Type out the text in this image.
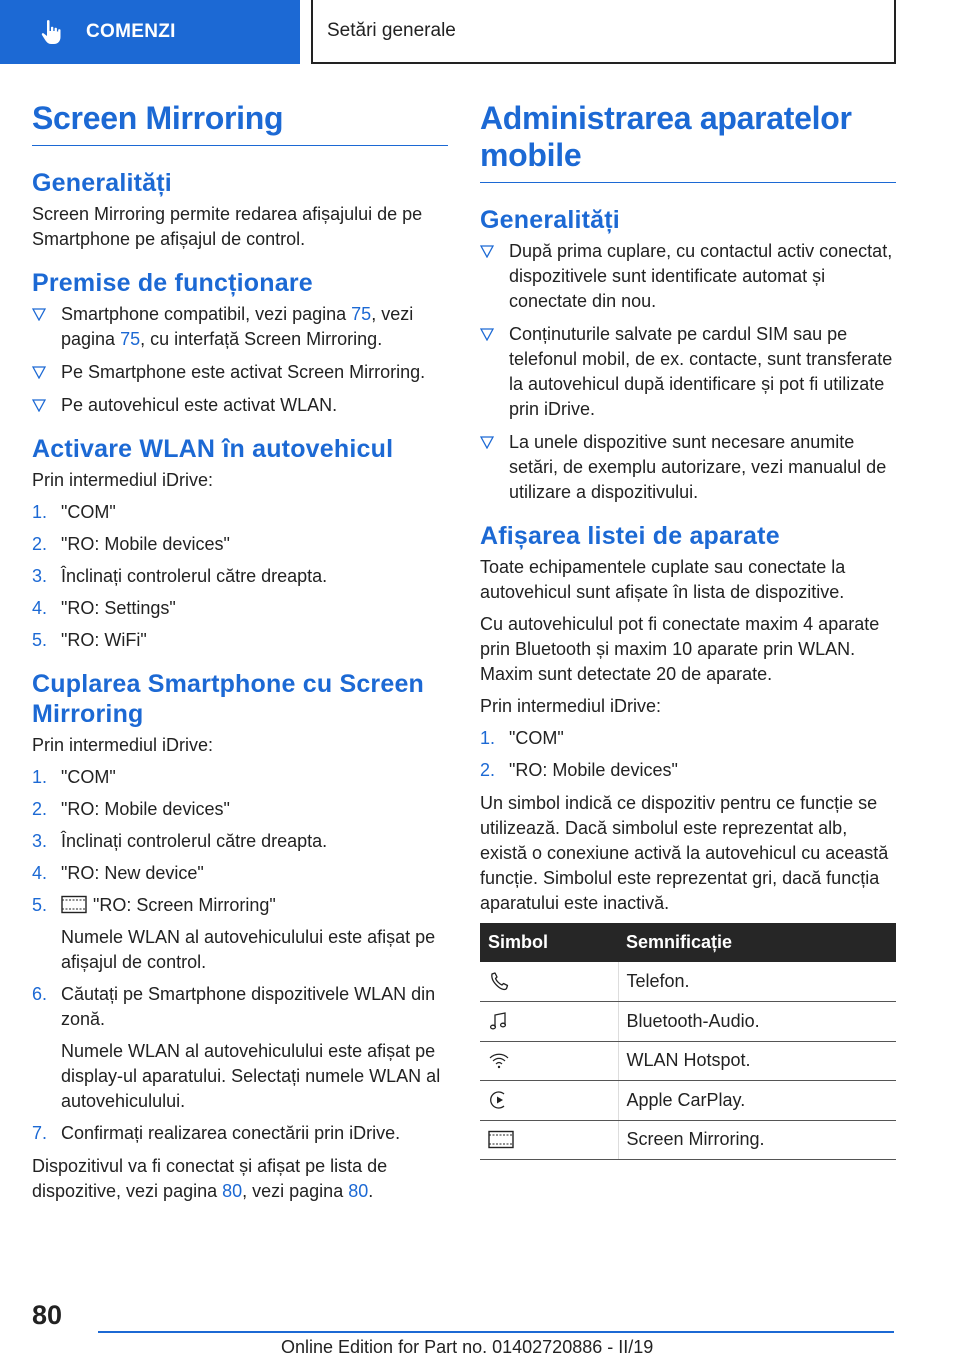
COMENZI	Setări generale
Screen Mirroring
Generalități

Screen Mirroring permite redarea afișajului de pe Smartphone pe afișajul de control.

Premise de funcționare
Smartphone compatibil, vezi pagina 75, vezi pagina 75, cu interfață Screen Mirroring.
Pe Smartphone este activat Screen Mirroring.
Pe autovehicul este activat WLAN.
Activare WLAN în autovehicul

Prin intermediul iDrive:

1. "COM"
2. "RO: Mobile devices"
3. Înclinați controlerul către dreapta.
4. "RO: Settings"
5. "RO: WiFi"
Cuplarea Smartphone cu Screen Mirroring

Prin intermediul iDrive:

1. "COM"
2. "RO: Mobile devices"
3. Înclinați controlerul către dreapta.
4. "RO: New device"
5.	"RO: Screen Mirroring"
Numele WLAN al autovehiculului este afișat pe afișajul de control.
6. Căutați pe Smartphone dispozitivele WLAN din zonă.
Numele WLAN al autovehiculului este afișat pe display-ul aparatului. Selectați numele WLAN al autovehiculului.
7. Confirmați realizarea conectării prin iDrive.

Dispozitivul va fi conectat și afișat pe lista de dispozitive, vezi pagina 80, vezi pagina 80.

Administrarea aparatelor mobile
Generalități
După prima cuplare, cu contactul activ conectat, dispozitivele sunt identificate automat și conectate din nou.
Conținuturile salvate pe cardul SIM sau pe telefonul mobil, de ex. contacte, sunt transferate la autovehicul după identificare și pot fi utilizate prin iDrive.
La unele dispozitive sunt necesare anumite setări, de exemplu autorizare, vezi manualul de utilizare a dispozitivului.
Afișarea listei de aparate

Toate echipamentele cuplate sau conectate la autovehicul sunt afișate în lista de dispozitive.

Cu autovehiculul pot fi conectate maxim 4 aparate prin Bluetooth și maxim 10 aparate prin WLAN. Maxim sunt detectate 20 de aparate.

Prin intermediul iDrive:

1. "COM"
2. "RO: Mobile devices"

Un simbol indică ce dispozitiv pentru ce funcție se utilizează. Dacă simbolul este reprezentat alb, există o conexiune activă la autovehicul cu această funcție. Simbolul este reprezentat gri, dacă funcția aparatului este inactivă.

Simbol	Semnificație

	Telefon.

	Bluetooth-Audio.

	WLAN Hotspot.

	Apple CarPlay.

	Screen Mirroring.
80
Online Edition for Part no. 01402720886 - II/19
